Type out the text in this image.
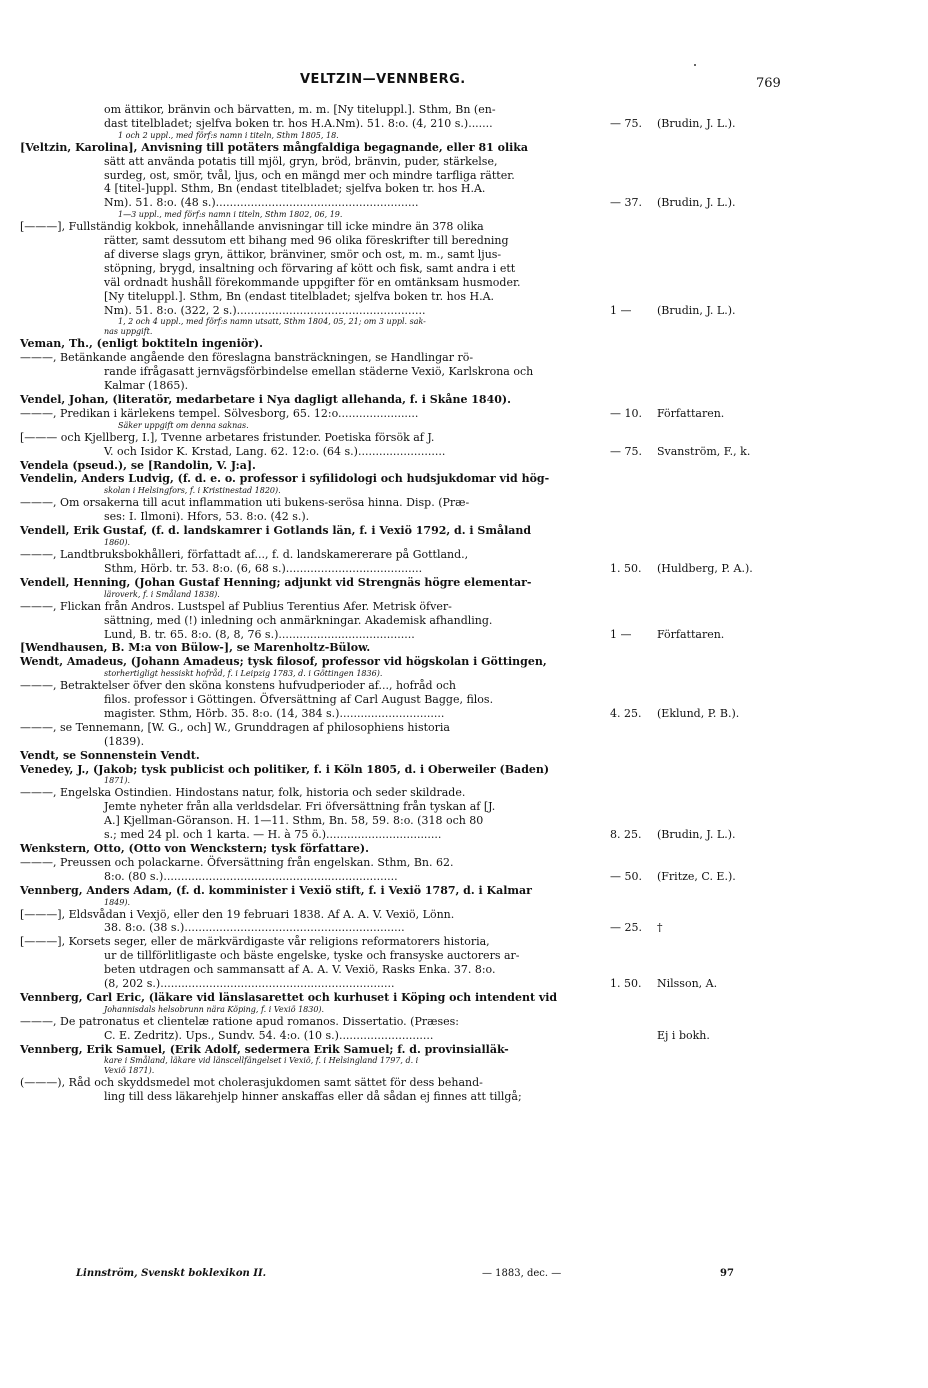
VELTZIN—VENNBERG.	769
om ättikor, bränvin och bärvatten, m. m. [Ny titeluppl.]. Sthm, Bn (en-
dast titelbladet; sjelfva boken tr. hos H.A.Nm). 51. 8:o. (4, 210 s.).......	— 75. (Brudin, J. L.).
1 och 2 uppl., med förf:s namn i titeln, Sthm 1805, 18.
[Veltzin, Karolina], Anvisning till potäters mångfaldiga begagnande, eller 81 olika
sätt att använda potatis till mjöl, gryn, bröd, bränvin, puder, stärkelse,
surdeg, ost, smör, tvål, ljus, och en mängd mer och mindre tarfliga rätter.
4 [titel-]uppl. Sthm, Bn (endast titelbladet; sjelfva boken tr. hos H.A.
Nm). 51. 8:o. (48 s.)..........................................................	— 37. (Brudin, J. L.).
1—3 uppl., med förf:s namn i titeln, Sthm 1802, 06, 19.
[———], Fullständig kokbok, innehållande anvisningar till icke mindre än 378 olika
rätter, samt dessutom ett bihang med 96 olika föreskrifter till beredning
af diverse slags gryn, ättikor, bränviner, smör och ost, m. m., samt ljus-
stöpning, brygd, insaltning och förvaring af kött och fisk, samt andra i ett
väl ordnadt hushåll förekommande uppgifter för en omtänksam husmoder.
[Ny titeluppl.]. Sthm, Bn (endast titelbladet; sjelfva boken tr. hos H.A.
Nm). 51. 8:o. (322, 2 s.)......................................................	1 — (Brudin, J. L.).
1, 2 och 4 uppl., med förf:s namn utsatt, Sthm 1804, 05, 21; om 3 uppl. sak-
nas uppgift.
Veman, Th., (enligt boktiteln ingeniör).
———, Betänkande angående den föreslagna bansträckningen, se Handlingar rö-
rande ifrågasatt jernvägsförbindelse emellan städerne Vexiö, Karlskrona och
Kalmar (1865).
Vendel, Johan, (literatör, medarbetare i Nya dagligt allehanda, f. i Skåne 1840).
———, Predikan i kärlekens tempel. Sölvesborg, 65. 12:o.......................	— 10. Författaren.
Säker uppgift om denna saknas.
[——— och Kjellberg, I.], Tvenne arbetares fristunder. Poetiska försök af J.
V. och Isidor K. Krstad, Lang. 62. 12:o. (64 s.).........................	— 75. Svanström, F., k.
Vendela (pseud.), se [Randolin, V. J:a].
Vendelin, Anders Ludvig, (f. d. e. o. professor i syfilidologi och hudsjukdomar vid hög-
skolan i Helsingfors, f. i Kristinestad 1820).
———, Om orsakerna till acut inflammation uti bukens-serösa hinna. Disp. (Præ-
ses: I. Ilmoni). Hfors, 53. 8:o. (42 s.).
Vendell, Erik Gustaf, (f. d. landskamrer i Gotlands län, f. i Vexiö 1792, d. i Småland
1860).
———, Landtbruksbokhålleri, författadt af..., f. d. landskamererare på Gottland.,
Sthm, Hörb. tr. 53. 8:o. (6, 68 s.).......................................	1. 50. (Huldberg, P. A.).
Vendell, Henning, (Johan Gustaf Henning; adjunkt vid Strengnäs högre elementar-
läroverk, f. i Småland 1838).
———, Flickan från Andros. Lustspel af Publius Terentius Afer. Metrisk öfver-
sättning, med (!) inledning och anmärkningar. Akademisk afhandling.
Lund, B. tr. 65. 8:o. (8, 8, 76 s.).......................................	1 — Författaren.
[Wendhausen, B. M:a von Bülow-], se Marenholtz-Bülow.
Wendt, Amadeus, (Johann Amadeus; tysk filosof, professor vid högskolan i Göttingen,
storhertigligt hessiskt hofråd, f. i Leipzig 1783, d. i Göttingen 1836).
———, Betraktelser öfver den sköna konstens hufvudperioder af..., hofråd och
filos. professor i Göttingen. Öfversättning af Carl August Bagge, filos.
magister. Sthm, Hörb. 35. 8:o. (14, 384 s.)..............................	4. 25. (Eklund, P. B.).
———, se Tennemann, [W. G., och] W., Grunddragen af philosophiens historia
(1839).
Vendt, se Sonnenstein Vendt.
Venedey, J., (Jakob; tysk publicist och politiker, f. i Köln 1805, d. i Oberweiler (Baden)
1871).
———, Engelska Ostindien. Hindostans natur, folk, historia och seder skildrade.
Jemte nyheter från alla verldsdelar. Fri öfversättning från tyskan af [J.
A.] Kjellman-Göranson. H. 1—11. Sthm, Bn. 58, 59. 8:o. (318 och 80
s.; med 24 pl. och 1 karta. — H. à 75 ö.).................................	8. 25. (Brudin, J. L.).
Wenkstern, Otto, (Otto von Wenckstern; tysk författare).
———, Preussen och polackarne. Öfversättning från engelskan. Sthm, Bn. 62.
8:o. (80 s.)...................................................................	— 50. (Fritze, C. E.).
Vennberg, Anders Adam, (f. d. komminister i Vexiö stift, f. i Vexiö 1787, d. i Kalmar
1849).
[———], Eldsvådan i Vexjö, eller den 19 februari 1838. Af A. A. V. Vexiö, Lönn.
38. 8:o. (38 s.)...............................................................	— 25. †
[———], Korsets seger, eller de märkvärdigaste vår religions reformatorers historia,
ur de tillförlitligaste och bäste engelske, tyske och fransyske auctorers ar-
beten utdragen och sammansatt af A. A. V. Vexiö, Rasks Enka. 37. 8:o.
(8, 202 s.)...................................................................	1. 50. Nilsson, A.
Vennberg, Carl Eric, (läkare vid länslasarettet och kurhuset i Köping och intendent vid
Johannisdals helsobrunn nära Köping, f. i Vexiö 1830).
———, De patronatus et clientelæ ratione apud romanos. Dissertatio. (Præses:
C. E. Zedritz). Ups., Sundv. 54. 4:o. (10 s.)...........................	Ej i bokh.
Vennberg, Erik Samuel, (Erik Adolf, sedermera Erik Samuel; f. d. provinsialläk-
kare i Småland, läkare vid länscellfängelset i Vexiö, f. i Helsingland 1797, d. i
Vexiö 1871).
(———), Råd och skyddsmedel mot cholerasjukdomen samt sättet för dess behand-
ling till dess läkarehjelp hinner anskaffas eller då sådan ej finnes att tillgå;
Linnström, Svenskt boklexikon II.	— 1883, dec. —	97
